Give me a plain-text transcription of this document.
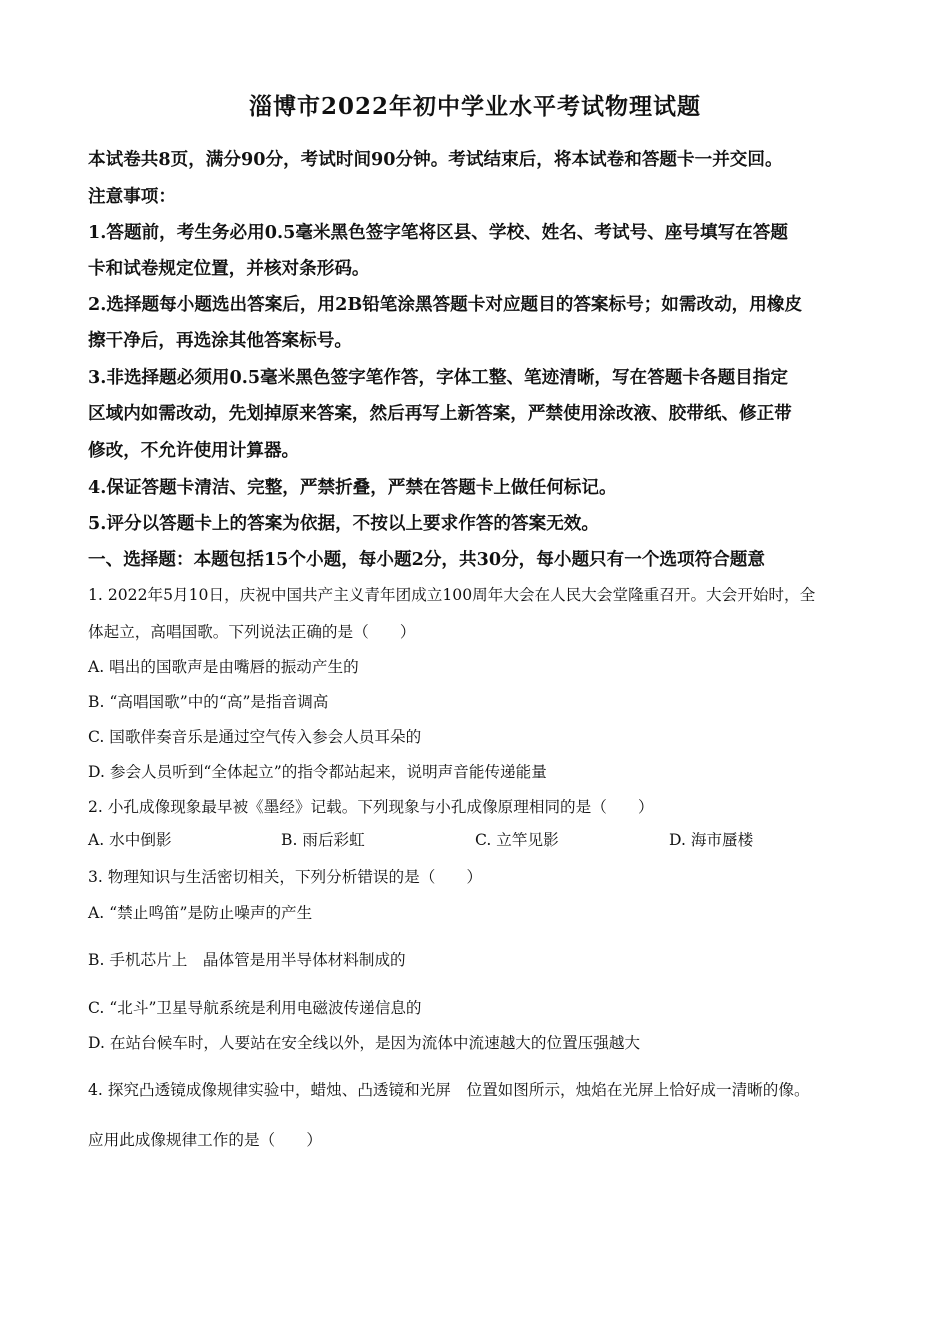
淄博市2022年初中学业水平考试物理试题
本试卷共8页，满分90分，考试时间90分钟。考试结束后，将本试卷和答题卡一并交回。
注意事项：
1.答题前，考生务必用0.5毫米黑色签字笔将区县、学校、姓名、考试号、座号填写在答题
卡和试卷规定位置，并核对条形码。
2.选择题每小题选出答案后，用2B铅笔涂黑答题卡对应题目的答案标号；如需改动，用橡皮
擦干净后，再选涂其他答案标号。
3.非选择题必须用0.5毫米黑色签字笔作答，字体工整、笔迹清晰，写在答题卡各题目指定
区域内如需改动，先划掉原来答案，然后再写上新答案，严禁使用涂改液、胶带纸、修正带
修改，不允许使用计算器。
4.保证答题卡清洁、完整，严禁折叠，严禁在答题卡上做任何标记。
5.评分以答题卡上的答案为依据，不按以上要求作答的答案无效。
一、选择题：本题包括15个小题，每小题2分，共30分，每小题只有一个选项符合题意
1. 2022年5月10日，庆祝中国共产主义青年团成立100周年大会在人民大会堂隆重召开。大会开始时，全
体起立，高唱国歌。下列说法正确的是（　　）
A. 唱出的国歌声是由嘴唇的振动产生的
B. “高唱国歌”中的“高”是指音调高
C. 国歌伴奏音乐是通过空气传入参会人员耳朵的
D. 参会人员听到“全体起立”的指令都站起来，说明声音能传递能量
2. 小孔成像现象最早被《墨经》记载。下列现象与小孔成像原理相同的是（　　）
A. 水中倒影	B. 雨后彩虹	C. 立竿见影	D. 海市蜃楼
3. 物理知识与生活密切相关，下列分析错误的是（　　）
A. “禁止鸣笛”是防止噪声的产生
B. 手机芯片上　晶体管是用半导体材料制成的
C. “北斗”卫星导航系统是利用电磁波传递信息的
D. 在站台候车时，人要站在安全线以外，是因为流体中流速越大的位置压强越大
4. 探究凸透镜成像规律实验中，蜡烛、凸透镜和光屏　位置如图所示，烛焰在光屏上恰好成一清晰的像。
应用此成像规律工作的是（　　）
